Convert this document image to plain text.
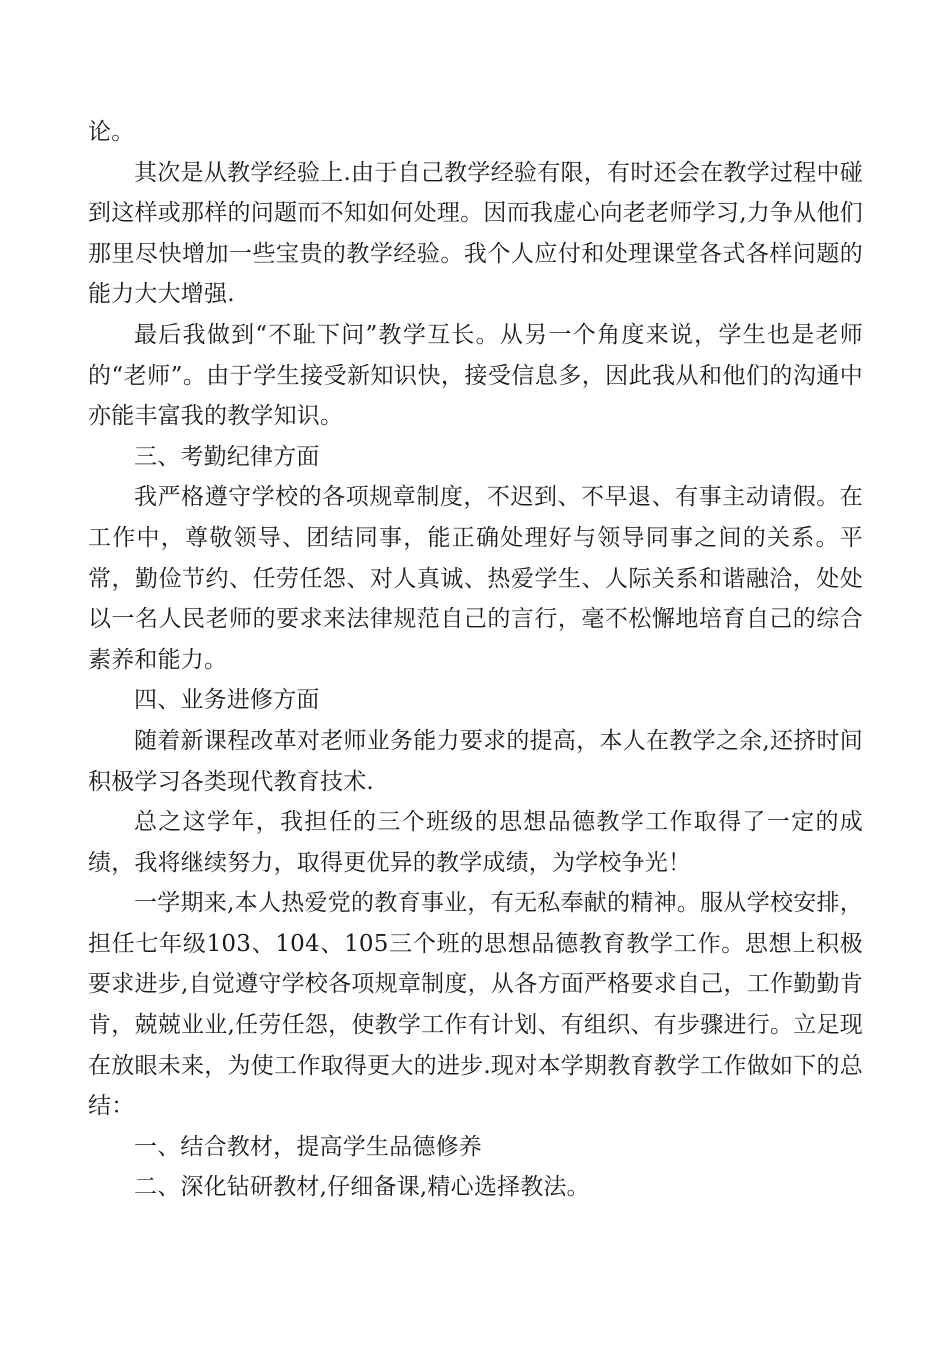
论。

其次是从教学经验上.由于自己教学经验有限，有时还会在教学过程中碰到这样或那样的问题而不知如何处理。因而我虚心向老老师学习,力争从他们那里尽快增加一些宝贵的教学经验。我个人应付和处理课堂各式各样问题的能力大大增强.

最后我做到“不耻下问”教学互长。从另一个角度来说，学生也是老师的“老师”。由于学生接受新知识快，接受信息多，因此我从和他们的沟通中亦能丰富我的教学知识。

三、考勤纪律方面

我严格遵守学校的各项规章制度，不迟到、不早退、有事主动请假。在工作中，尊敬领导、团结同事，能正确处理好与领导同事之间的关系。平常，勤俭节约、任劳任怨、对人真诚、热爱学生、人际关系和谐融洽，处处以一名人民老师的要求来法律规范自己的言行，毫不松懈地培育自己的综合素养和能力。

四、业务进修方面

随着新课程改革对老师业务能力要求的提高，本人在教学之余,还挤时间积极学习各类现代教育技术.

总之这学年，我担任的三个班级的思想品德教学工作取得了一定的成绩，我将继续努力，取得更优异的教学成绩，为学校争光！

一学期来,本人热爱党的教育事业，有无私奉献的精神。服从学校安排，担任七年级103、104、105三个班的思想品德教育教学工作。思想上积极要求进步,自觉遵守学校各项规章制度，从各方面严格要求自己，工作勤勤肯肯，兢兢业业,任劳任怨，使教学工作有计划、有组织、有步骤进行。立足现在放眼未来，为使工作取得更大的进步.现对本学期教育教学工作做如下的总结：

一、结合教材，提高学生品德修养

二、深化钻研教材,仔细备课,精心选择教法。
